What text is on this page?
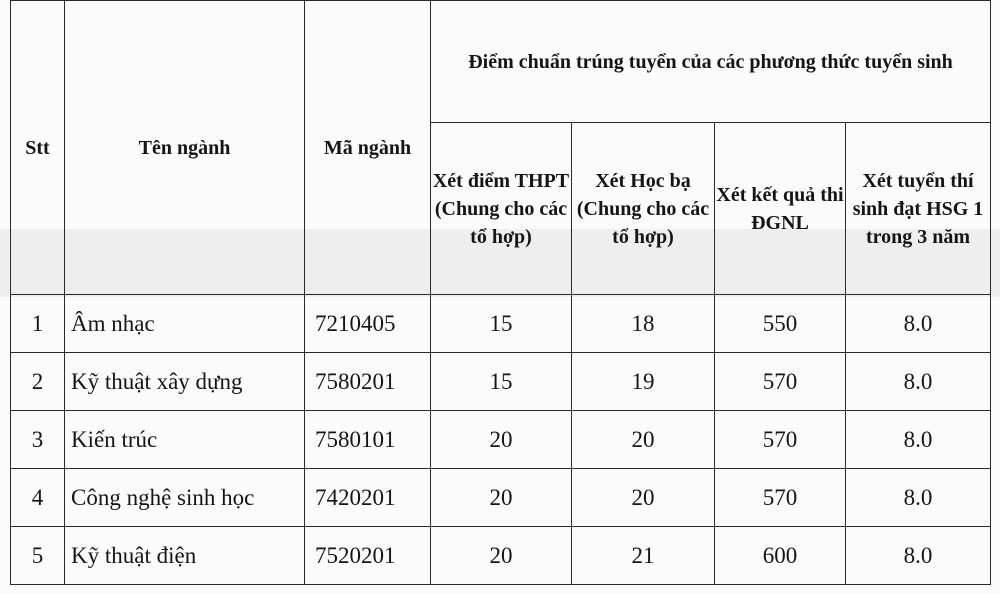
Stt	Tên ngành	Mã ngành	Điểm chuẩn trúng tuyển của các phương thức tuyển sinh			
			Xét điểm THPT (Chung cho các tổ hợp)	Xét Học bạ (Chung cho các tổ hợp)	Xét kết quả thi ĐGNL	Xét tuyển thí sinh đạt HSG 1 trong 3 năm
1	Âm nhạc	7210405	15	18	550	8.0
2	Kỹ thuật xây dựng	7580201	15	19	570	8.0
3	Kiến trúc	7580101	20	20	570	8.0
4	Công nghệ sinh học	7420201	20	20	570	8.0
5	Kỹ thuật điện	7520201	20	21	600	8.0
